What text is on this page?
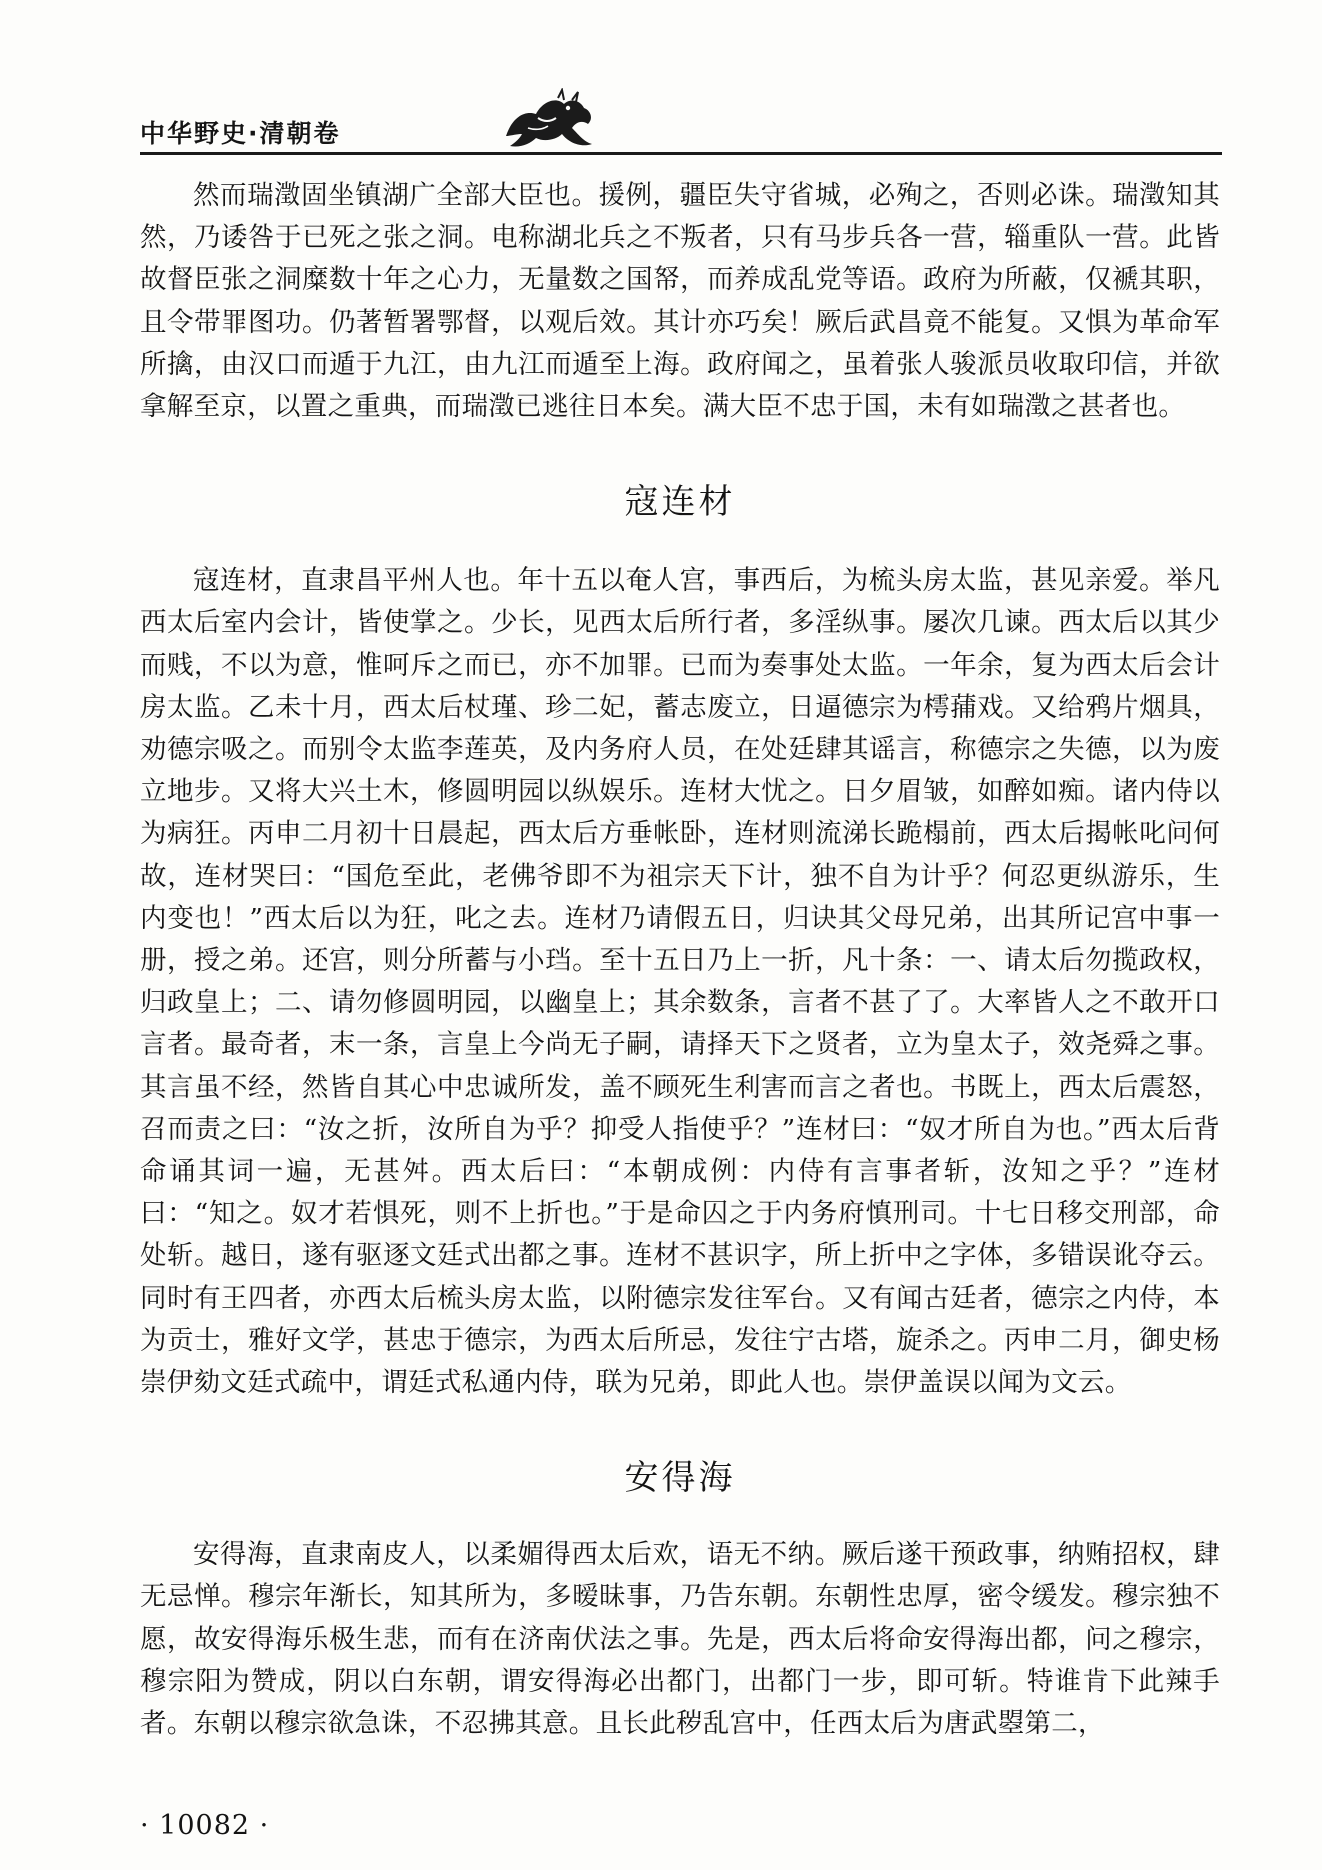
中华野史·清朝卷

然而瑞澂固坐镇湖广全部大臣也。援例，疆臣失守省城，必殉之，否则必诛。瑞澂知其然，乃诿咎于已死之张之洞。电称湖北兵之不叛者，只有马步兵各一营，辎重队一营。此皆故督臣张之洞糜数十年之心力，无量数之国帑，而养成乱党等语。政府为所蔽，仅褫其职，且令带罪图功。仍著暂署鄂督，以观后效。其计亦巧矣！厥后武昌竟不能复。又惧为革命军所擒，由汉口而遁于九江，由九江而遁至上海。政府闻之，虽着张人骏派员收取印信，并欲拿解至京，以置之重典，而瑞澂已逃往日本矣。满大臣不忠于国，未有如瑞澂之甚者也。

寇连材

寇连材，直隶昌平州人也。年十五以奄人宫，事西后，为梳头房太监，甚见亲爱。举凡西太后室内会计，皆使掌之。少长，见西太后所行者，多淫纵事。屡次几谏。西太后以其少而贱，不以为意，惟呵斥之而已，亦不加罪。已而为奏事处太监。一年余，复为西太后会计房太监。乙未十月，西太后杖瑾、珍二妃，蓄志废立，日逼德宗为樗蒱戏。又给鸦片烟具，劝德宗吸之。而别令太监李莲英，及内务府人员，在处廷肆其谣言，称德宗之失德，以为废立地步。又将大兴土木，修圆明园以纵娱乐。连材大忧之。日夕眉皱，如醉如痴。诸内侍以为病狂。丙申二月初十日晨起，西太后方垂帐卧，连材则流涕长跪榻前，西太后揭帐叱问何故，连材哭曰：“国危至此，老佛爷即不为祖宗天下计，独不自为计乎？何忍更纵游乐，生内变也！”西太后以为狂，叱之去。连材乃请假五日，归诀其父母兄弟，出其所记宫中事一册，授之弟。还宫，则分所蓄与小珰。至十五日乃上一折，凡十条：一、请太后勿揽政权，归政皇上；二、请勿修圆明园，以幽皇上；其余数条，言者不甚了了。大率皆人之不敢开口言者。最奇者，末一条，言皇上今尚无子嗣，请择天下之贤者，立为皇太子，效尧舜之事。其言虽不经，然皆自其心中忠诚所发，盖不顾死生利害而言之者也。书既上，西太后震怒，召而责之曰：“汝之折，汝所自为乎？抑受人指使乎？”连材曰：“奴才所自为也。”西太后背命诵其词一遍，无甚舛。西太后曰：“本朝成例：内侍有言事者斩，汝知之乎？”连材曰：“知之。奴才若惧死，则不上折也。”于是命囚之于内务府慎刑司。十七日移交刑部，命处斩。越日，遂有驱逐文廷式出都之事。连材不甚识字，所上折中之字体，多错误讹夺云。同时有王四者，亦西太后梳头房太监，以附德宗发往军台。又有闻古廷者，德宗之内侍，本为贡士，雅好文学，甚忠于德宗，为西太后所忌，发往宁古塔，旋杀之。丙申二月，御史杨崇伊劾文廷式疏中，谓廷式私通内侍，联为兄弟，即此人也。崇伊盖误以闻为文云。

安得海

安得海，直隶南皮人，以柔媚得西太后欢，语无不纳。厥后遂干预政事，纳贿招权，肆无忌惮。穆宗年渐长，知其所为，多暧昧事，乃告东朝。东朝性忠厚，密令缓发。穆宗独不愿，故安得海乐极生悲，而有在济南伏法之事。先是，西太后将命安得海出都，问之穆宗，穆宗阳为赞成，阴以白东朝，谓安得海必出都门，出都门一步，即可斩。特谁肯下此辣手者。东朝以穆宗欲急诛，不忍拂其意。且长此秽乱宫中，任西太后为唐武曌第二，

· 10082 ·
